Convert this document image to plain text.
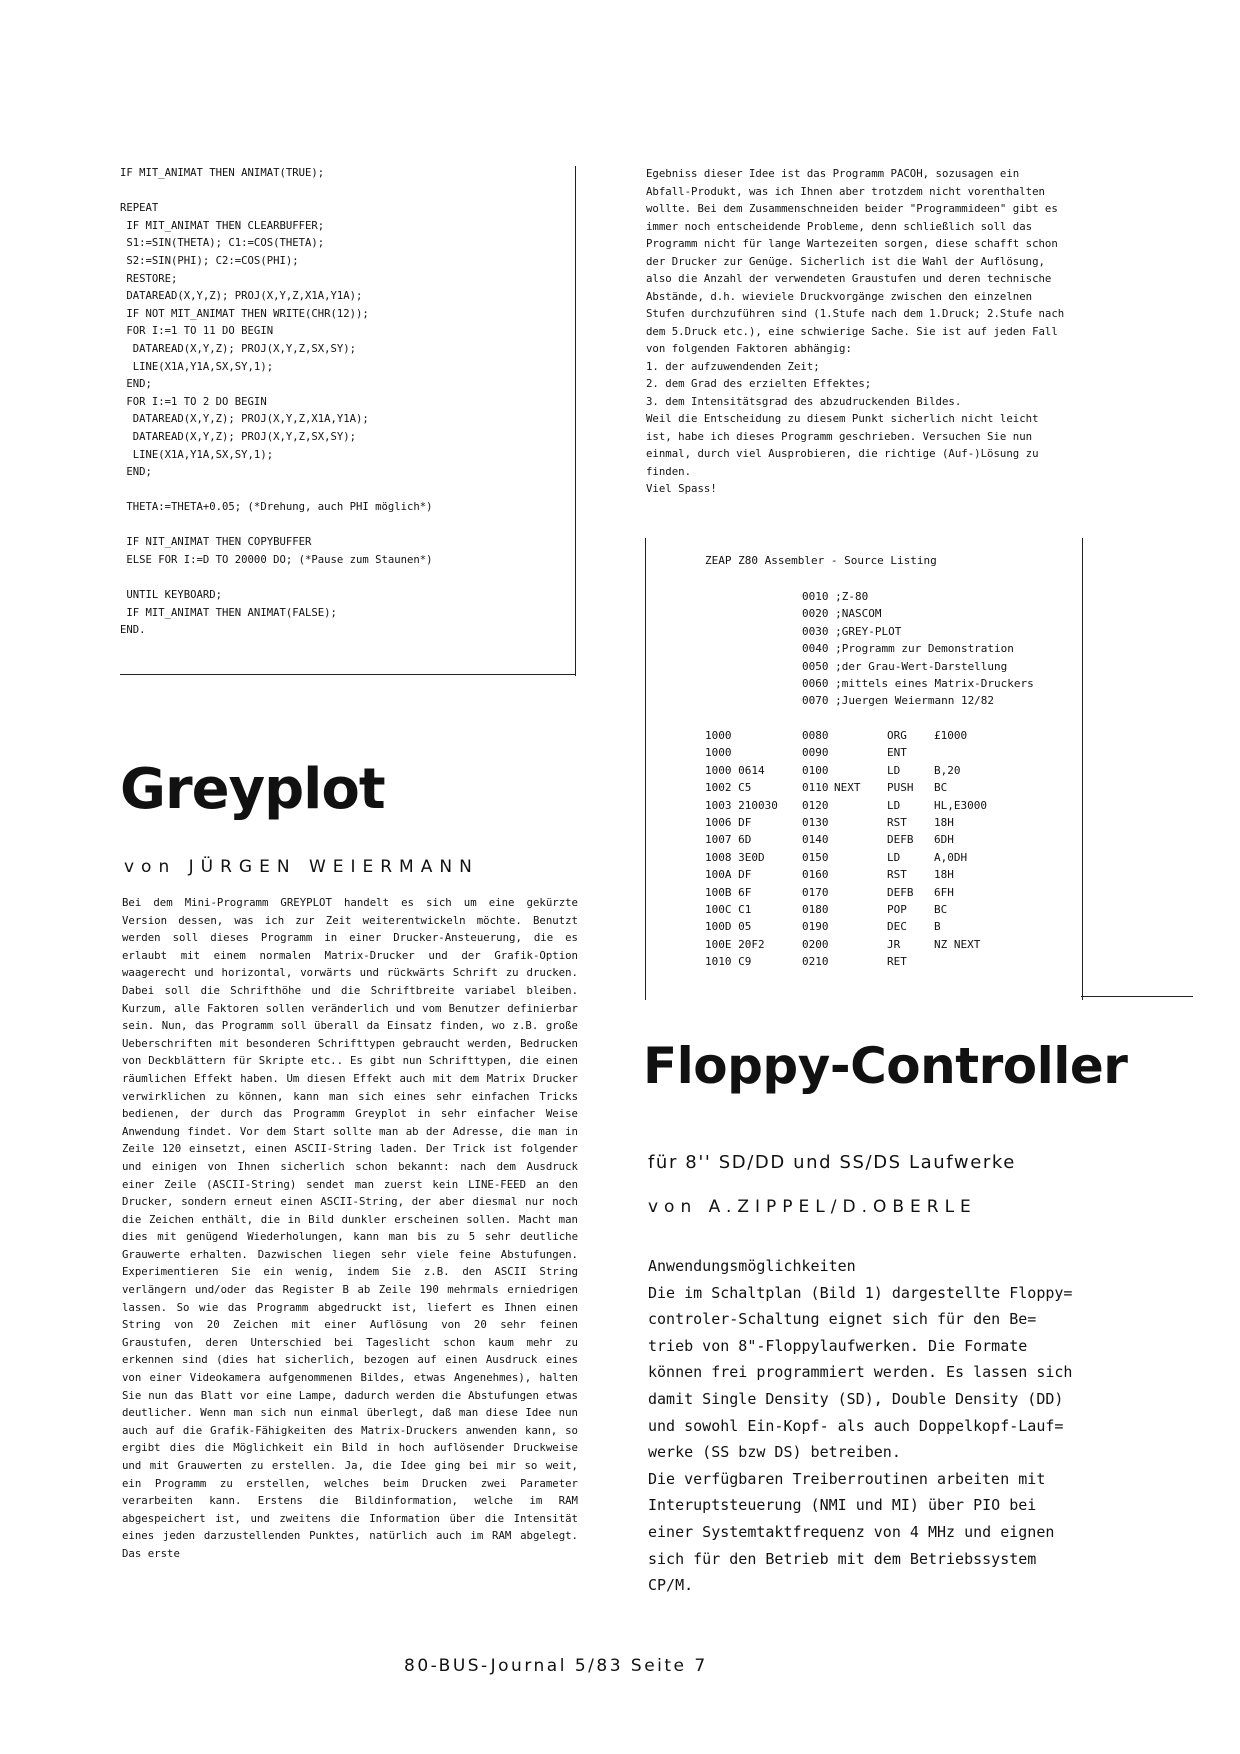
IF MIT_ANIMAT THEN ANIMAT(TRUE);
REPEAT
IF MIT_ANIMAT THEN CLEARBUFFER;
S1:=SIN(THETA); C1:=COS(THETA);
S2:=SIN(PHI); C2:=COS(PHI);
RESTORE;
DATAREAD(X,Y,Z); PROJ(X,Y,Z,X1A,Y1A);
IF NOT MIT_ANIMAT THEN WRITE(CHR(12));
FOR I:=1 TO 11 DO BEGIN
DATAREAD(X,Y,Z); PROJ(X,Y,Z,SX,SY);
LINE(X1A,Y1A,SX,SY,1);
END;
FOR I:=1 TO 2 DO BEGIN
DATAREAD(X,Y,Z); PROJ(X,Y,Z,X1A,Y1A);
DATAREAD(X,Y,Z); PROJ(X,Y,Z,SX,SY);
LINE(X1A,Y1A,SX,SY,1);
END;
THETA:=THETA+0.05; (*Drehung, auch PHI möglich*)
IF NIT_ANIMAT THEN COPYBUFFER
ELSE FOR I:=D TO 20000 DO; (*Pause zum Staunen*)
UNTIL KEYBOARD;
IF MIT_ANIMAT THEN ANIMAT(FALSE);
END.
Greyplot
von JÜRGEN WEIERMANN
Bei dem Mini-Programm GREYPLOT handelt es sich um eine gekürzte Version dessen, was ich zur Zeit weiterentwickeln möchte. Benutzt werden soll dieses Programm in einer Drucker-Ansteuerung, die es erlaubt mit einem normalen Matrix-Drucker und der Grafik-Option waagerecht und horizontal, vorwärts und rückwärts Schrift zu drucken. Dabei soll die Schrifthöhe und die Schriftbreite variabel bleiben. Kurzum, alle Faktoren sollen veränderlich und vom Benutzer definierbar sein. Nun, das Programm soll überall da Einsatz finden, wo z.B. große Ueberschriften mit besonderen Schrifttypen gebraucht werden, Bedrucken von Deckblättern für Skripte etc.. Es gibt nun Schrifttypen, die einen räumlichen Effekt haben. Um diesen Effekt auch mit dem Matrix Drucker verwirklichen zu können, kann man sich eines sehr einfachen Tricks bedienen, der durch das Programm Greyplot in sehr einfacher Weise Anwendung findet. Vor dem Start sollte man ab der Adresse, die man in Zeile 120 einsetzt, einen ASCII-String laden. Der Trick ist folgender und einigen von Ihnen sicherlich schon bekannt: nach dem Ausdruck einer Zeile (ASCII-String) sendet man zuerst kein LINE-FEED an den Drucker, sondern erneut einen ASCII-String, der aber diesmal nur noch die Zeichen enthält, die in Bild dunkler erscheinen sollen. Macht man dies mit genügend Wiederholungen, kann man bis zu 5 sehr deutliche Grauwerte erhalten. Dazwischen liegen sehr viele feine Abstufungen. Experimentieren Sie ein wenig, indem Sie z.B. den ASCII String verlängern und/oder das Register B ab Zeile 190 mehrmals erniedrigen lassen. So wie das Programm abgedruckt ist, liefert es Ihnen einen String von 20 Zeichen mit einer Auflösung von 20 sehr feinen Graustufen, deren Unterschied bei Tageslicht schon kaum mehr zu erkennen sind (dies hat sicherlich, bezogen auf einen Ausdruck eines von einer Videokamera aufgenommenen Bildes, etwas Angenehmes), halten Sie nun das Blatt vor eine Lampe, dadurch werden die Abstufungen etwas deutlicher. Wenn man sich nun einmal überlegt, daß man diese Idee nun auch auf die Grafik-Fähigkeiten des Matrix-Druckers anwenden kann, so ergibt dies die Möglichkeit ein Bild in hoch auflösender Druckweise und mit Grauwerten zu erstellen. Ja, die Idee ging bei mir so weit, ein Programm zu erstellen, welches beim Drucken zwei Parameter verarbeiten kann. Erstens die Bildinformation, welche im RAM abgespeichert ist, und zweitens die Information über die Intensität eines jeden darzustellenden Punktes, natürlich auch im RAM abgelegt. Das erste
Egebniss dieser Idee ist das Programm PACOH, sozusagen ein
Abfall-Produkt, was ich Ihnen aber trotzdem nicht vorenthalten
wollte. Bei dem Zusammenschneiden beider "Programmideen" gibt es
immer noch entscheidende Probleme, denn schließlich soll das
Programm nicht für lange Wartezeiten sorgen, diese schafft schon
der Drucker zur Genüge. Sicherlich ist die Wahl der Auflösung,
also die Anzahl der verwendeten Graustufen und deren technische
Abstände, d.h. wieviele Druckvorgänge zwischen den einzelnen
Stufen durchzuführen sind (1.Stufe nach dem 1.Druck; 2.Stufe nach
dem 5.Druck etc.), eine schwierige Sache. Sie ist auf jeden Fall
von folgenden Faktoren abhängig:
1. der aufzuwendenden Zeit;
2. dem Grad des erzielten Effektes;
3. dem Intensitätsgrad des abzudruckenden Bildes.
Weil die Entscheidung zu diesem Punkt sicherlich nicht leicht
ist, habe ich dieses Programm geschrieben. Versuchen Sie nun
einmal, durch viel Ausprobieren, die richtige (Auf-)Lösung zu
finden.
Viel Spass!
ZEAP Z80 Assembler - Source Listing
0010 ;Z-80
0020 ;NASCOM
0030 ;GREY-PLOT
0040 ;Programm zur Demonstration
0050 ;der Grau-Wert-Darstellung
0060 ;mittels eines Matrix-Druckers
0070 ;Juergen Weiermann 12/82
1000	0080	ORG £1000
1000	0090	ENT
1000 0614	0100	LD	B,20
1002 C5	0110 NEXT PUSH BC
1003 210030 0120	LD	HL,E3000
1006 DF	0130	RST 18H
1007 6D	0140	DEFB 6DH
1008 3E0D	0150	LD	A,0DH
100A DF	0160	RST 18H
100B 6F	0170	DEFB 6FH
100C C1	0180	POP BC
100D 05	0190	DEC B
100E 20F2	0200	JR	NZ NEXT
1010 C9	0210	RET
Floppy-Controller
für 8'' SD/DD und SS/DS Laufwerke
von A.ZIPPEL/D.OBERLE
Anwendungsmöglichkeiten
Die im Schaltplan (Bild 1) dargestellte Floppy=
controler-Schaltung eignet sich für den Be=
trieb von 8"-Floppylaufwerken. Die Formate
können frei programmiert werden. Es lassen sich
damit Single Density (SD), Double Density (DD)
und sowohl Ein-Kopf- als auch Doppelkopf-Lauf=
werke (SS bzw DS) betreiben.
Die verfügbaren Treiberroutinen arbeiten mit
Interuptsteuerung (NMI und MI) über PIO bei
einer Systemtaktfrequenz von 4 MHz und eignen
sich für den Betrieb mit dem Betriebssystem
CP/M.
80-BUS-Journal 5/83 Seite 7
